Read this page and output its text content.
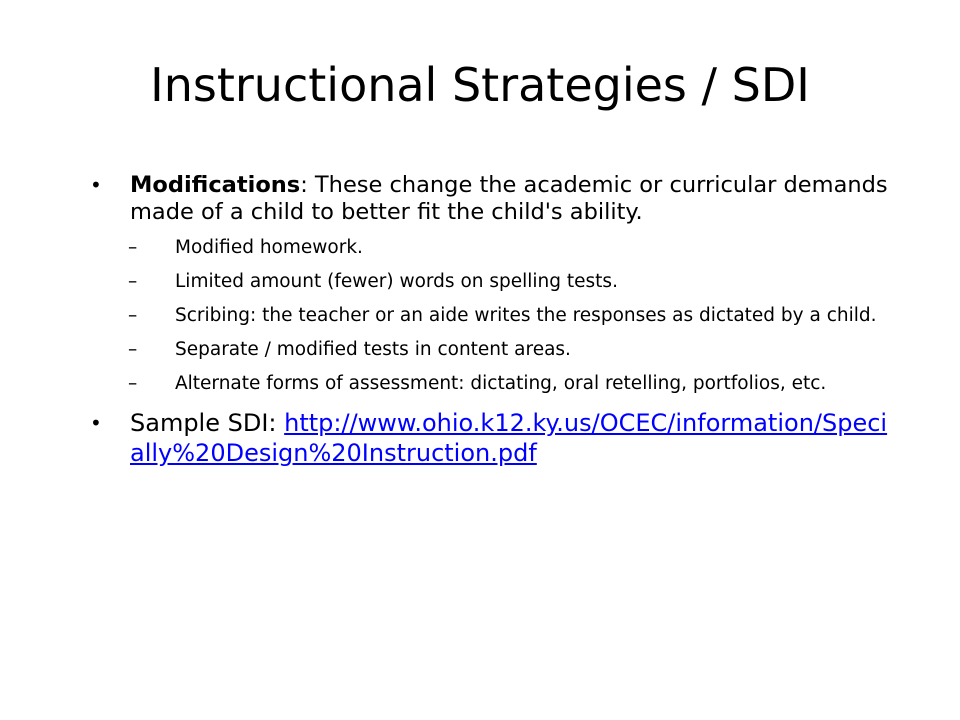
Instructional Strategies / SDI
•	Modifications: These change the academic or curricular demands made of a child to better fit the child's ability.
–	Modified homework.
–	Limited amount (fewer) words on spelling tests.
–	Scribing: the teacher or an aide writes the responses as dictated by a child.
–	Separate / modified tests in content areas.
–	Alternate forms of assessment: dictating, oral retelling, portfolios, etc.
•	Sample SDI: http://www.ohio.k12.ky.us/OCEC/information/Specially%20Design%20Instruction.pdf
